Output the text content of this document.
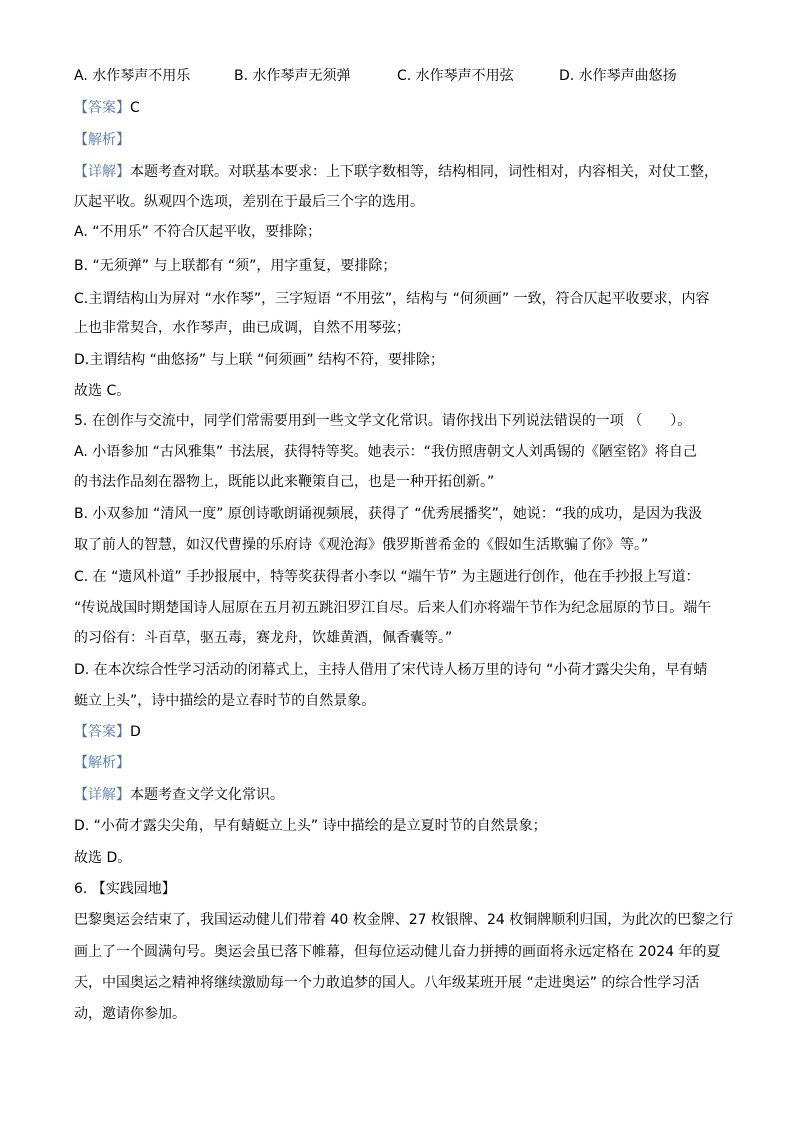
A. 水作琴声不用乐	B. 水作琴声无须弹	C. 水作琴声不用弦	D. 水作琴声曲悠扬
【答案】C
【解析】
【详解】本题考查对联。对联基本要求：上下联字数相等，结构相同，词性相对，内容相关，对仗工整，
仄起平收。纵观四个选项，差别在于最后三个字的选用。
A. “不用乐” 不符合仄起平收，要排除；
B. “无须弹” 与上联都有 “须”，用字重复，要排除；
C.主谓结构山为屏对 “水作琴”，三字短语 “不用弦”，结构与 “何须画” 一致，符合仄起平收要求，内容
上也非常契合，水作琴声，曲已成调，自然不用琴弦；
D.主谓结构 “曲悠扬” 与上联 “何须画” 结构不符，要排除；
故选 C。
5. 在创作与交流中，同学们常需要用到一些文学文化常识。请你找出下列说法错误的一项 （　　）。
A. 小语参加 “古风雅集” 书法展，获得特等奖。她表示：“我仿照唐朝文人刘禹锡的《陋室铭》将自己
的书法作品刻在器物上，既能以此来鞭策自己，也是一种开拓创新。”
B. 小双参加 “清风一度” 原创诗歌朗诵视频展，获得了 “优秀展播奖”，她说：“我的成功，是因为我汲
取了前人的智慧，如汉代曹操的乐府诗《观沧海》俄罗斯普希金的《假如生活欺骗了你》等。”
C. 在 “遗风朴道” 手抄报展中，特等奖获得者小李以 “端午节” 为主题进行创作，他在手抄报上写道：
“传说战国时期楚国诗人屈原在五月初五跳汨罗江自尽。后来人们亦将端午节作为纪念屈原的节日。端午
的习俗有：斗百草，驱五毒，赛龙舟，饮雄黄酒，佩香囊等。”
D. 在本次综合性学习活动的闭幕式上，主持人借用了宋代诗人杨万里的诗句 “小荷才露尖尖角，早有蜻
蜓立上头”，诗中描绘的是立春时节的自然景象。
【答案】D
【解析】
【详解】本题考查文学文化常识。
D. “小荷才露尖尖角，早有蜻蜓立上头” 诗中描绘的是立夏时节的自然景象；
故选 D。
6. 【实践园地】
巴黎奥运会结束了，我国运动健儿们带着 40 枚金牌、27 枚银牌、24 枚铜牌顺利归国，为此次的巴黎之行
画上了一个圆满句号。奥运会虽已落下帷幕，但每位运动健儿奋力拼搏的画面将永远定格在 2024 年的夏
天，中国奥运之精神将继续激励每一个力敢追梦的国人。八年级某班开展 “走进奥运” 的综合性学习活
动，邀请你参加。
